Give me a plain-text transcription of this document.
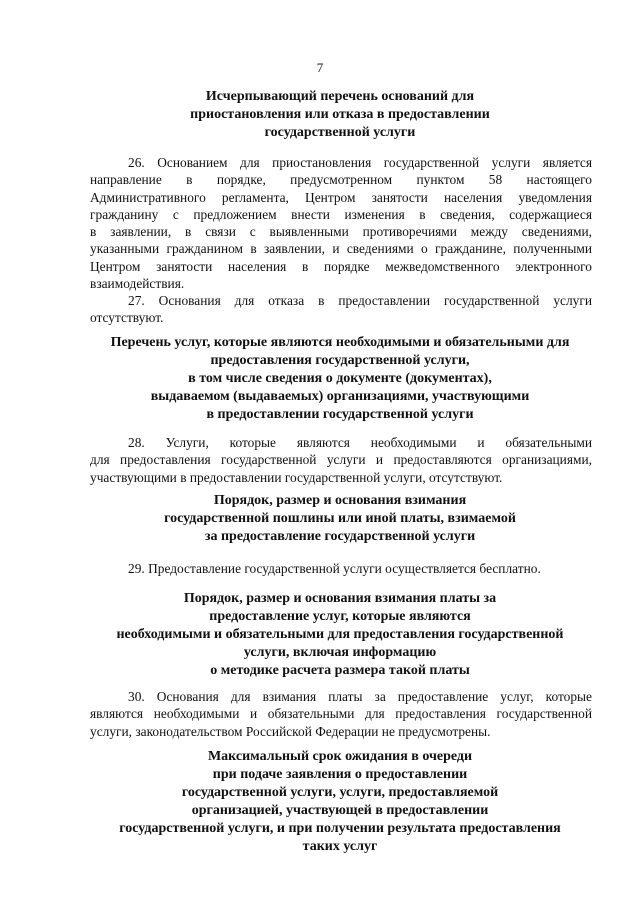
7
Исчерпывающий перечень оснований для
приостановления или отказа в предоставлении
государственной услуги
26. Основанием для приостановления государственной услуги является
направление в порядке, предусмотренном пунктом 58 настоящего
Административного регламента, Центром занятости населения уведомления
гражданину с предложением внести изменения в сведения, содержащиеся
в заявлении, в связи с выявленными противоречиями между сведениями,
указанными гражданином в заявлении, и сведениями о гражданине, полученными
Центром занятости населения в порядке межведомственного электронного
взаимодействия.
27. Основания для отказа в предоставлении государственной услуги
отсутствуют.
Перечень услуг, которые являются необходимыми и обязательными для
предоставления государственной услуги,
в том числе сведения о документе (документах),
выдаваемом (выдаваемых) организациями, участвующими
в предоставлении государственной услуги
28. Услуги, которые являются необходимыми и обязательными
для предоставления государственной услуги и предоставляются организациями,
участвующими в предоставлении государственной услуги, отсутствуют.
Порядок, размер и основания взимания
государственной пошлины или иной платы, взимаемой
за предоставление государственной услуги
29. Предоставление государственной услуги осуществляется бесплатно.
Порядок, размер и основания взимания платы за
предоставление услуг, которые являются
необходимыми и обязательными для предоставления государственной
услуги, включая информацию
о методике расчета размера такой платы
30. Основания для взимания платы за предоставление услуг, которые
являются необходимыми и обязательными для предоставления государственной
услуги, законодательством Российской Федерации не предусмотрены.
Максимальный срок ожидания в очереди
при подаче заявления о предоставлении
государственной услуги, услуги, предоставляемой
организацией, участвующей в предоставлении
государственной услуги, и при получении результата предоставления
таких услуг
